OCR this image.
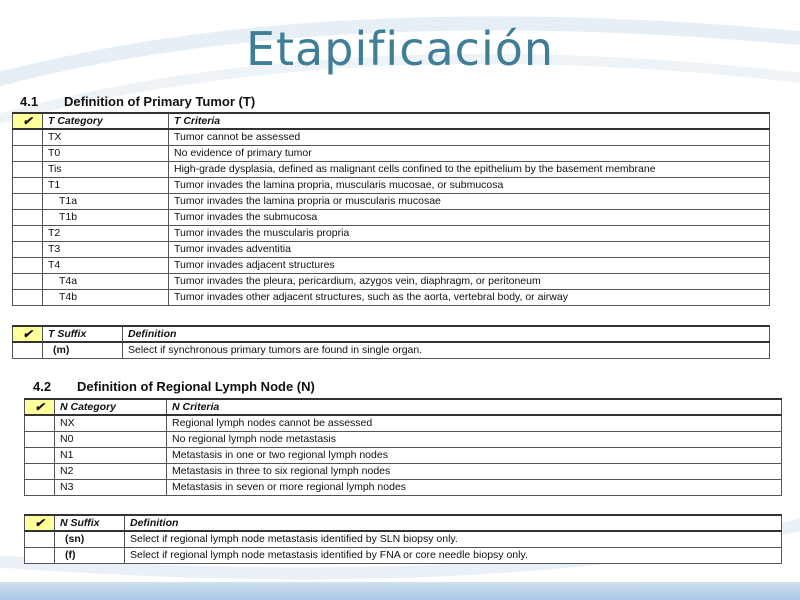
Etapificación
4.1 Definition of Primary Tumor (T)
✔	T Category	T Criteria
	TX	Tumor cannot be assessed
	T0	No evidence of primary tumor
	Tis	High-grade dysplasia, defined as malignant cells confined to the epithelium by the basement membrane
	T1	Tumor invades the lamina propria, muscularis mucosae, or submucosa
	T1a	Tumor invades the lamina propria or muscularis mucosae
	T1b	Tumor invades the submucosa
	T2	Tumor invades the muscularis propria
	T3	Tumor invades adventitia
	T4	Tumor invades adjacent structures
	T4a	Tumor invades the pleura, pericardium, azygos vein, diaphragm, or peritoneum
	T4b	Tumor invades other adjacent structures, such as the aorta, vertebral body, or airway
✔	T Suffix	Definition
	(m)	Select if synchronous primary tumors are found in single organ.
4.2 Definition of Regional Lymph Node (N)
✔	N Category	N Criteria
	NX	Regional lymph nodes cannot be assessed
	N0	No regional lymph node metastasis
	N1	Metastasis in one or two regional lymph nodes
	N2	Metastasis in three to six regional lymph nodes
	N3	Metastasis in seven or more regional lymph nodes
✔	N Suffix	Definition
	(sn)	Select if regional lymph node metastasis identified by SLN biopsy only.
	(f)	Select if regional lymph node metastasis identified by FNA or core needle biopsy only.
